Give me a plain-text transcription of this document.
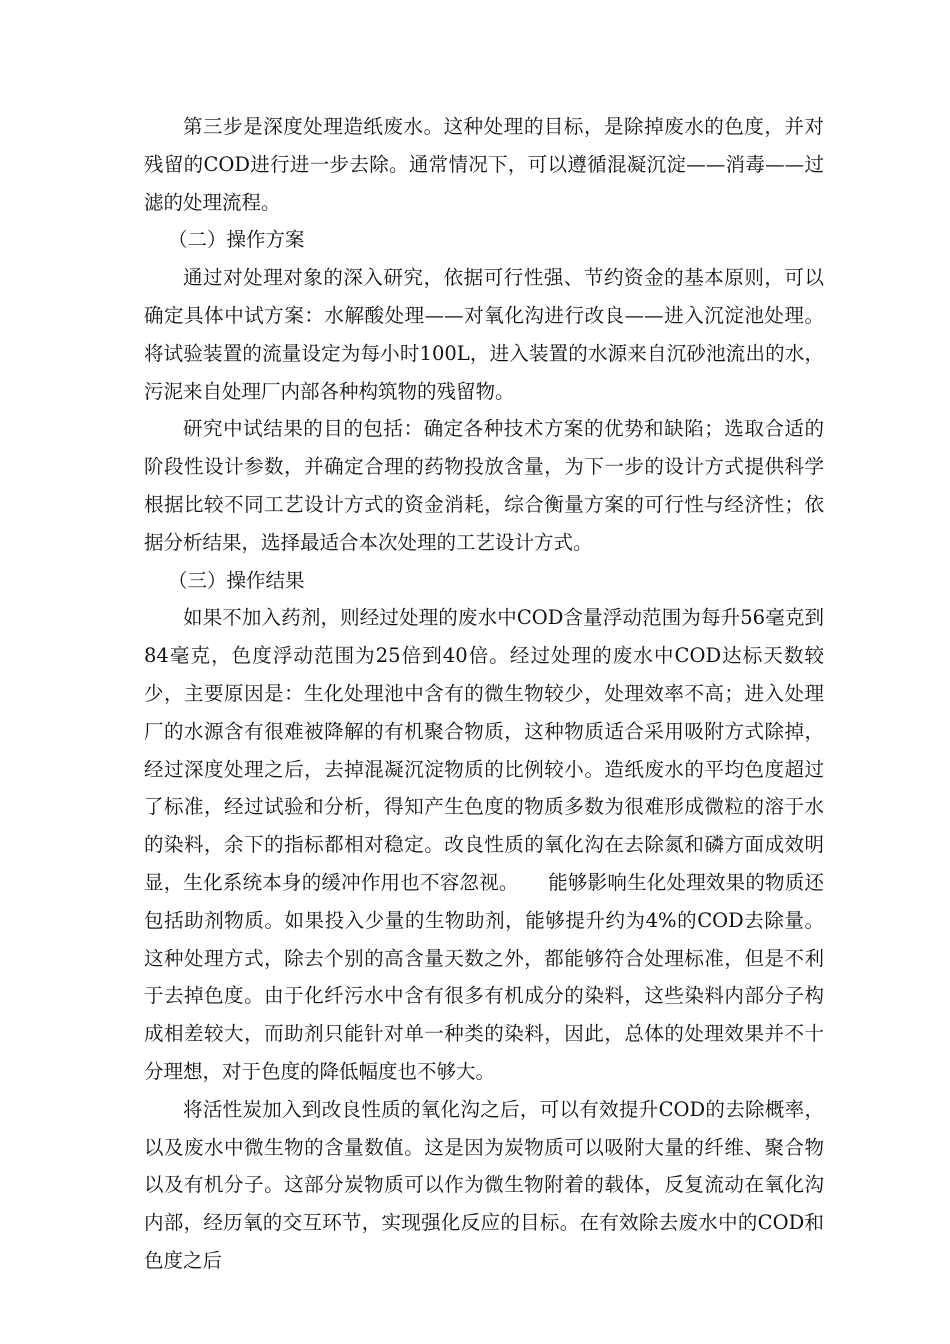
第三步是深度处理造纸废水。这种处理的目标，是除掉废水的色度，并对残留的COD进行进一步去除。通常情况下，可以遵循混凝沉淀——消毒——过滤的处理流程。

（二）操作方案

通过对处理对象的深入研究，依据可行性强、节约资金的基本原则，可以确定具体中试方案：水解酸处理——对氧化沟进行改良——进入沉淀池处理。将试验装置的流量设定为每小时100L，进入装置的水源来自沉砂池流出的水，污泥来自处理厂内部各种构筑物的残留物。

研究中试结果的目的包括：确定各种技术方案的优势和缺陷；选取合适的阶段性设计参数，并确定合理的药物投放含量，为下一步的设计方式提供科学根据比较不同工艺设计方式的资金消耗，综合衡量方案的可行性与经济性；依据分析结果，选择最适合本次处理的工艺设计方式。

（三）操作结果

如果不加入药剂，则经过处理的废水中COD含量浮动范围为每升56毫克到84毫克，色度浮动范围为25倍到40倍。经过处理的废水中COD达标天数较少，主要原因是：生化处理池中含有的微生物较少，处理效率不高；进入处理厂的水源含有很难被降解的有机聚合物质，这种物质适合采用吸附方式除掉，经过深度处理之后，去掉混凝沉淀物质的比例较小。造纸废水的平均色度超过了标准，经过试验和分析，得知产生色度的物质多数为很难形成微粒的溶于水的染料，余下的指标都相对稳定。改良性质的氧化沟在去除氮和磷方面成效明显，生化系统本身的缓冲作用也不容忽视。　　能够影响生化处理效果的物质还包括助剂物质。如果投入少量的生物助剂，能够提升约为4%的COD去除量。这种处理方式，除去个别的高含量天数之外，都能够符合处理标准，但是不利于去掉色度。由于化纤污水中含有很多有机成分的染料，这些染料内部分子构成相差较大，而助剂只能针对单一种类的染料，因此，总体的处理效果并不十分理想，对于色度的降低幅度也不够大。

将活性炭加入到改良性质的氧化沟之后，可以有效提升COD的去除概率，以及废水中微生物的含量数值。这是因为炭物质可以吸附大量的纤维、聚合物以及有机分子。这部分炭物质可以作为微生物附着的载体，反复流动在氧化沟内部，经历氧的交互环节，实现强化反应的目标。在有效除去废水中的COD和色度之后
